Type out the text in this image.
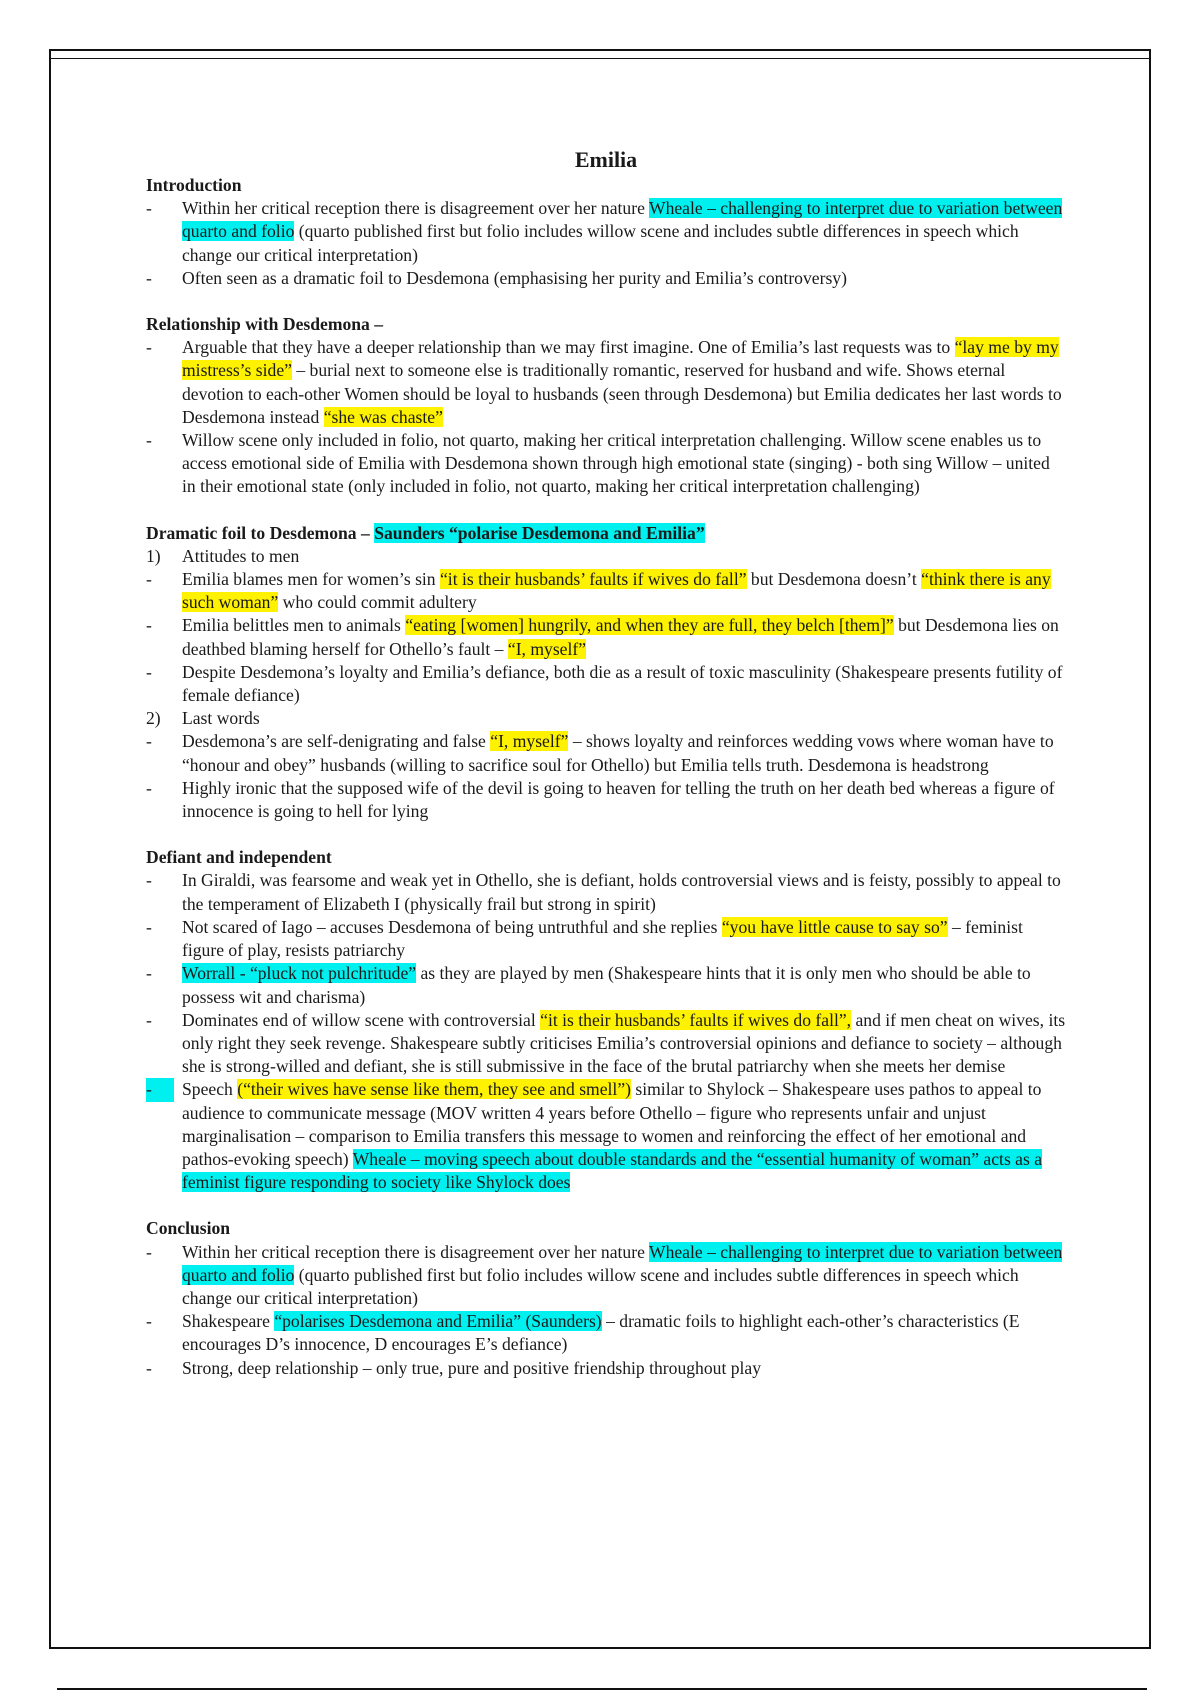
Emilia
Introduction
-	Within her critical reception there is disagreement over her nature Wheale – challenging to interpret due to variation between quarto and folio (quarto published first but folio includes willow scene and includes subtle differences in speech which change our critical interpretation)
-	Often seen as a dramatic foil to Desdemona (emphasising her purity and Emilia’s controversy)
Relationship with Desdemona –
-	Arguable that they have a deeper relationship than we may first imagine. One of Emilia’s last requests was to “lay me by my mistress’s side” – burial next to someone else is traditionally romantic, reserved for husband and wife. Shows eternal devotion to each-other Women should be loyal to husbands (seen through Desdemona) but Emilia dedicates her last words to Desdemona instead “she was chaste”
-	Willow scene only included in folio, not quarto, making her critical interpretation challenging. Willow scene enables us to access emotional side of Emilia with Desdemona shown through high emotional state (singing) - both sing Willow – united in their emotional state (only included in folio, not quarto, making her critical interpretation challenging)
Dramatic foil to Desdemona – Saunders “polarise Desdemona and Emilia”
1)	Attitudes to men
-	Emilia blames men for women’s sin “it is their husbands’ faults if wives do fall” but Desdemona doesn’t “think there is any such woman” who could commit adultery
-	Emilia belittles men to animals “eating [women] hungrily, and when they are full, they belch [them]” but Desdemona lies on deathbed blaming herself for Othello’s fault – “I, myself”
-	Despite Desdemona’s loyalty and Emilia’s defiance, both die as a result of toxic masculinity (Shakespeare presents futility of female defiance)
2)	Last words
-	Desdemona’s are self-denigrating and false “I, myself” – shows loyalty and reinforces wedding vows where woman have to “honour and obey” husbands (willing to sacrifice soul for Othello) but Emilia tells truth. Desdemona is headstrong
-	Highly ironic that the supposed wife of the devil is going to heaven for telling the truth on her death bed whereas a figure of innocence is going to hell for lying
Defiant and independent
-	In Giraldi, was fearsome and weak yet in Othello, she is defiant, holds controversial views and is feisty, possibly to appeal to the temperament of Elizabeth I (physically frail but strong in spirit)
-	Not scared of Iago – accuses Desdemona of being untruthful and she replies “you have little cause to say so” – feminist figure of play, resists patriarchy
-	Worrall - “pluck not pulchritude” as they are played by men (Shakespeare hints that it is only men who should be able to possess wit and charisma)
-	Dominates end of willow scene with controversial “it is their husbands’ faults if wives do fall”, and if men cheat on wives, its only right they seek revenge. Shakespeare subtly criticises Emilia’s controversial opinions and defiance to society – although she is strong-willed and defiant, she is still submissive in the face of the brutal patriarchy when she meets her demise
-	Speech (“their wives have sense like them, they see and smell”) similar to Shylock – Shakespeare uses pathos to appeal to audience to communicate message (MOV written 4 years before Othello – figure who represents unfair and unjust marginalisation – comparison to Emilia transfers this message to women and reinforcing the effect of her emotional and pathos-evoking speech) Wheale – moving speech about double standards and the “essential humanity of woman” acts as a feminist figure responding to society like Shylock does
Conclusion
-	Within her critical reception there is disagreement over her nature Wheale – challenging to interpret due to variation between quarto and folio (quarto published first but folio includes willow scene and includes subtle differences in speech which change our critical interpretation)
-	Shakespeare “polarises Desdemona and Emilia” (Saunders) – dramatic foils to highlight each-other’s characteristics (E encourages D’s innocence, D encourages E’s defiance)
-	Strong, deep relationship – only true, pure and positive friendship throughout play
